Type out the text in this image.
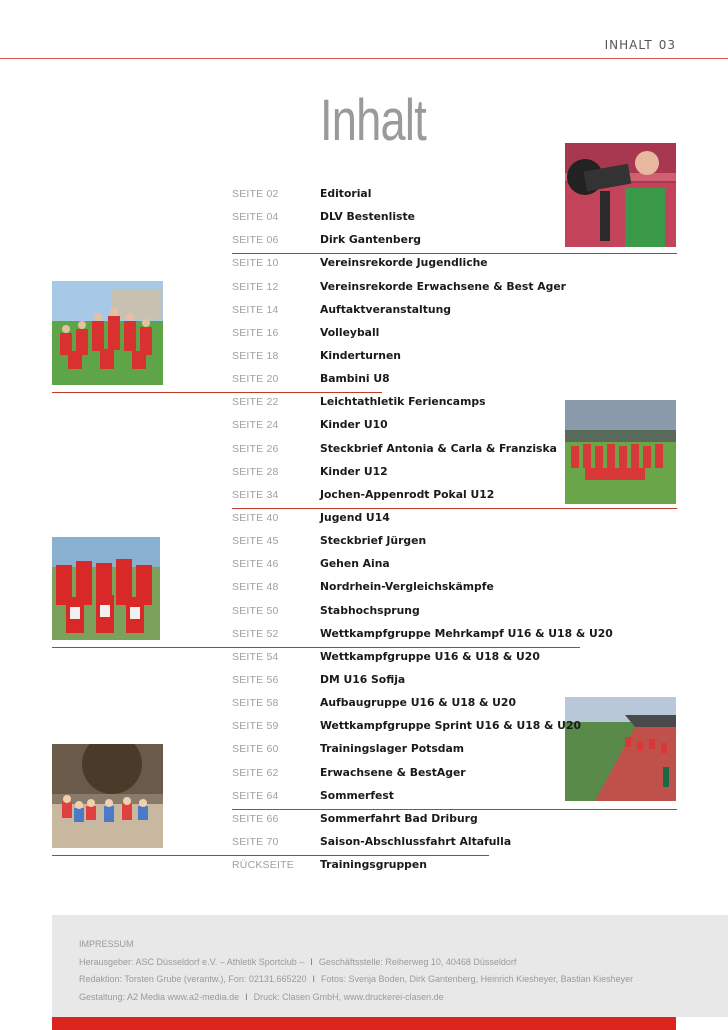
INHALT 03
Inhalt
SEITE 02	Editorial
SEITE 04	DLV Bestenliste
SEITE 06	Dirk Gantenberg
SEITE 10	Vereinsrekorde Jugendliche
SEITE 12	Vereinsrekorde Erwachsene & Best Ager
SEITE 14	Auftaktveranstaltung
SEITE 16	Volleyball
SEITE 18	Kinderturnen
SEITE 20	Bambini U8
SEITE 22	Leichtathletik Feriencamps
SEITE 24	Kinder U10
SEITE 26	Steckbrief Antonia & Carla & Franziska
SEITE 28	Kinder U12
SEITE 34	Jochen-Appenrodt Pokal U12
SEITE 40	Jugend U14
SEITE 45	Steckbrief Jürgen
SEITE 46	Gehen Aina
SEITE 48	Nordrhein-Vergleichskämpfe
SEITE 50	Stabhochsprung
SEITE 52	Wettkampfgruppe Mehrkampf U16 & U18 & U20
SEITE 54	Wettkampfgruppe U16 & U18 & U20
SEITE 56	DM U16 Sofija
SEITE 58	Aufbaugruppe U16 & U18 & U20
SEITE 59	Wettkampfgruppe Sprint U16 & U18 & U20
SEITE 60	Trainingslager Potsdam
SEITE 62	Erwachsene & BestAger
SEITE 64	Sommerfest
SEITE 66	Sommerfahrt Bad Driburg
SEITE 70	Saison-Abschlussfahrt Altafulla
RÜCKSEITE Trainingsgruppen
IMPRESSUM
Herausgeber: ASC Düsseldorf e.V. – Athletik Sportclub – I Geschäftsstelle: Reiherweg 10, 40468 Düsseldorf
Redaktion: Torsten Grube (verantw.), Fon: 02131.665220 I Fotos: Svenja Boden, Dirk Gantenberg, Heinrich Kiesheyer, Bastian Kiesheyer
Gestaltung: A2 Media www.a2-media.de I Druck: Clasen GmbH, www.druckerei-clasen.de
